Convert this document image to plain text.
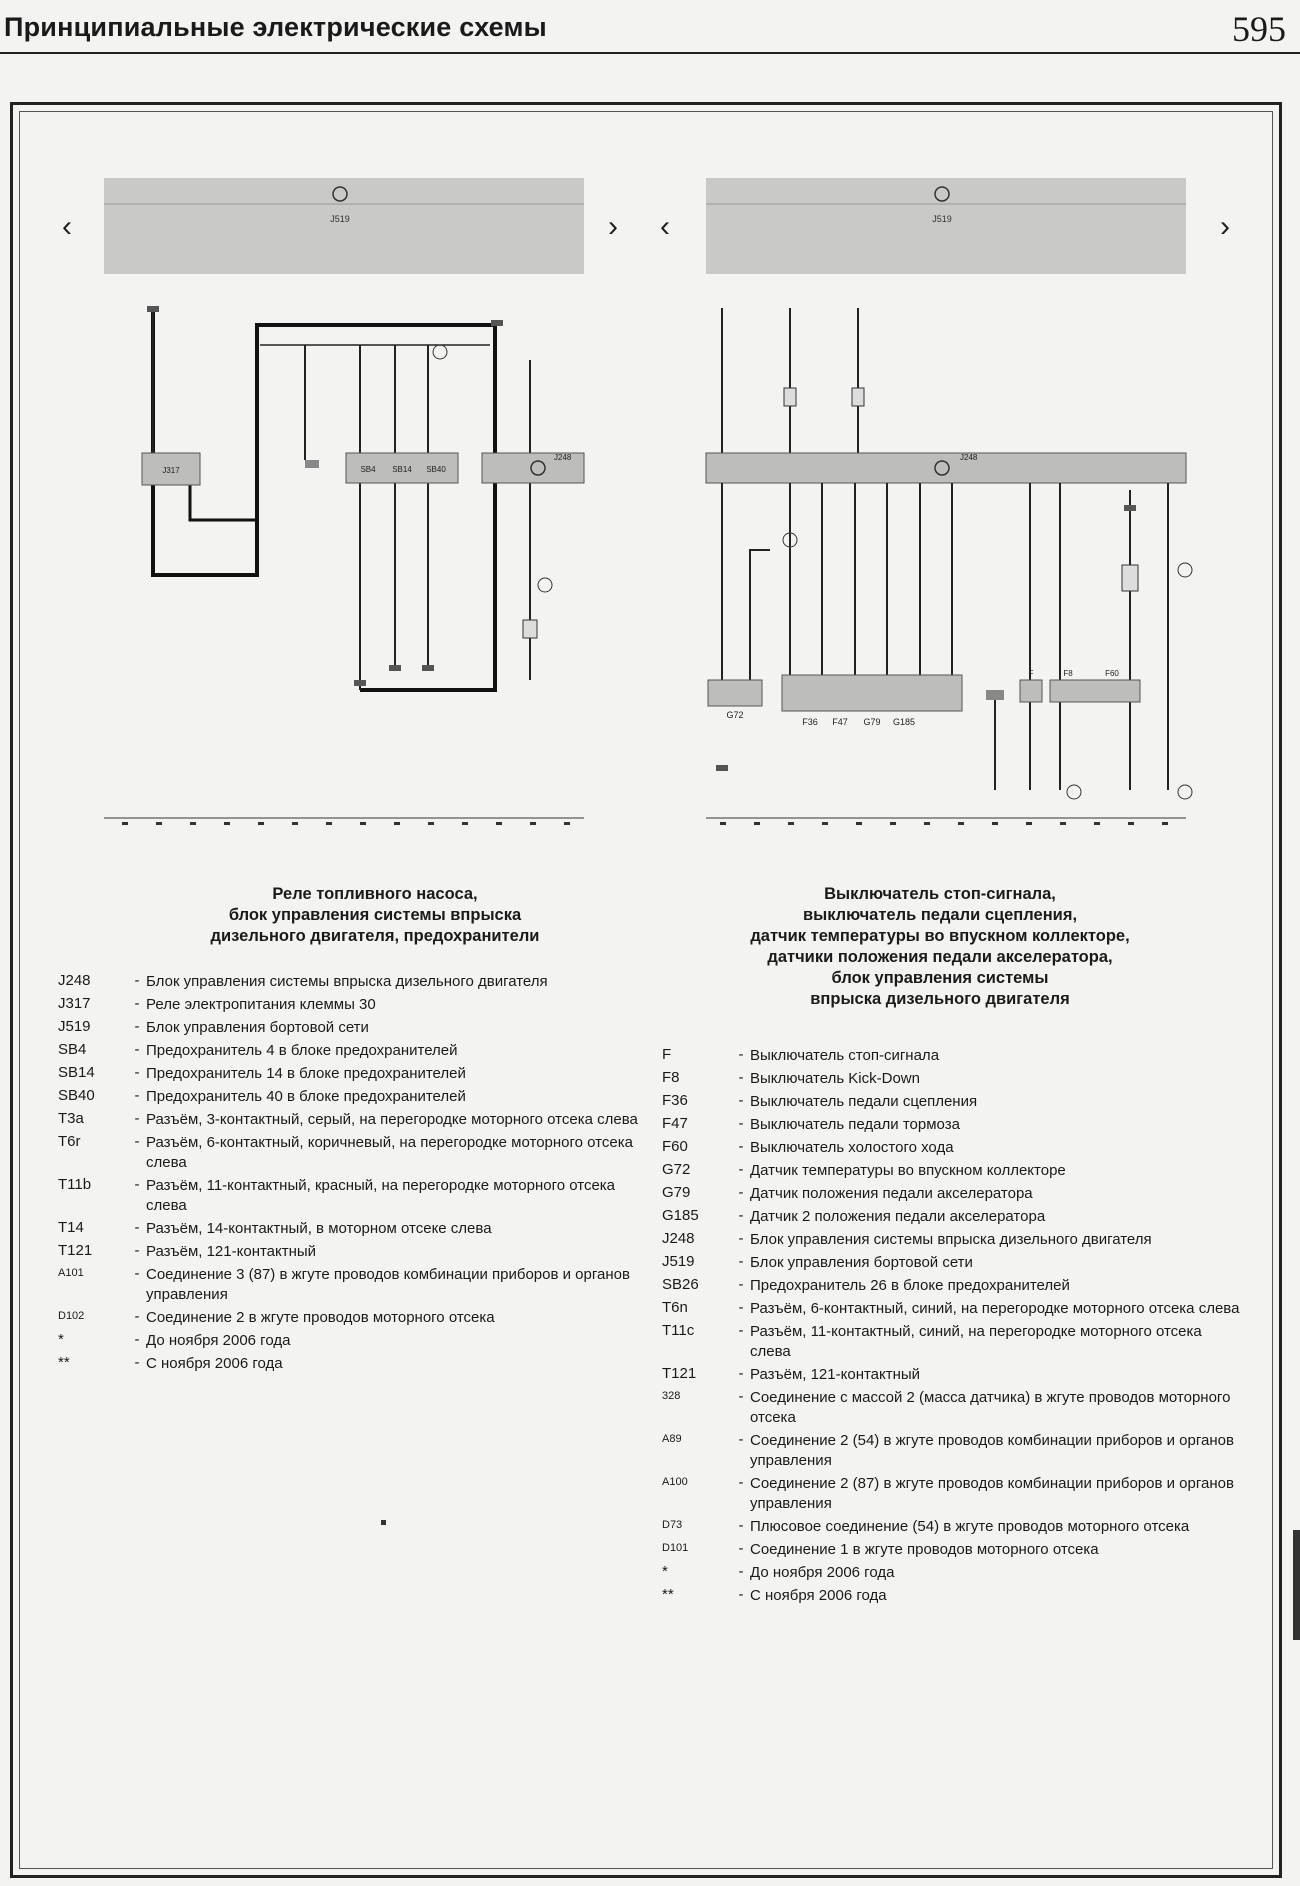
Принципиальные электрические схемы	595
J519
‹	›
J317	SB4 SB14 SB40
J248
J519
‹	›
J248
G72
F36 F47 G79 G185
F	F8	F60
Реле топливного насоса,
блок управления системы впрыска
дизельного двигателя, предохранители
Выключатель стоп-сигнала,
выключатель педали сцепления,
датчик температуры во впускном коллекторе,
датчики положения педали акселератора,
блок управления системы
впрыска дизельного двигателя
J248	- Блок управления системы впрыска дизельного двигателя
J317	- Реле электропитания клеммы 30
J519	- Блок управления бортовой сети
SB4	- Предохранитель 4 в блоке предохранителей
SB14	- Предохранитель 14 в блоке предохранителей
SB40	- Предохранитель 40 в блоке предохранителей
T3a	- Разъём, 3-контактный, серый, на перегородке моторного отсека слева
T6r	- Разъём, 6-контактный, коричневый, на перегородке моторного отсека слева
T11b	- Разъём, 11-контактный, красный, на перегородке моторного отсека слева
T14	- Разъём, 14-контактный, в моторном отсеке слева
T121	- Разъём, 121-контактный
A101	- Соединение 3 (87) в жгуте проводов комбинации приборов и органов управления
D102	- Соединение 2 в жгуте проводов моторного отсека
*	- До ноября 2006 года
**	- С ноября 2006 года
F	- Выключатель стоп-сигнала
F8	- Выключатель Kick-Down
F36	- Выключатель педали сцепления
F47	- Выключатель педали тормоза
F60	- Выключатель холостого хода
G72	- Датчик температуры во впускном коллекторе
G79	- Датчик положения педали акселератора
G185	- Датчик 2 положения педали акселератора
J248	- Блок управления системы впрыска дизельного двигателя
J519	- Блок управления бортовой сети
SB26	- Предохранитель 26 в блоке предохранителей
T6n	- Разъём, 6-контактный, синий, на перегородке моторного отсека слева
T11c	- Разъём, 11-контактный, синий, на перегородке моторного отсека слева
T121	- Разъём, 121-контактный
328	- Соединение с массой 2 (масса датчика) в жгуте проводов моторного отсека
A89	- Соединение 2 (54) в жгуте проводов комбинации приборов и органов управления
A100	- Соединение 2 (87) в жгуте проводов комбинации приборов и органов управления
D73	- Плюсовое соединение (54) в жгуте проводов моторного отсека
D101	- Соединение 1 в жгуте проводов моторного отсека
*	- До ноября 2006 года
**	- С ноября 2006 года
